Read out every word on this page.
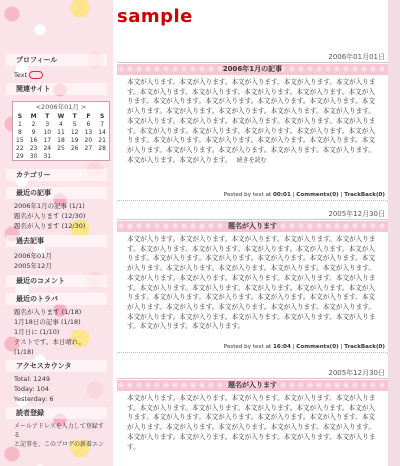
プロフィール
Text
関連サイト
<2006年01月 >
S	M	T	W	T	F	S
1	2	3	4	5	6	7
8	9	10	11	12	13	14
15	16	17	18	19	20	21
22	23	24	25	26	27	28
29	30	31				
カテゴリー
最近の記事
2006年1月の記事 (1/1)
題名が入ります (12/30)
題名が入ります (12/30)
過去記事
2006年01月
2005年12月
最近のコメント
最近のトラバ
題名が入ります (1/18)
1月18日の記事 (1/18)
1月日に (1/10)
テストです。本日晴れ。
(1/18)
アクセスカウンタ
Total: 1249
Today: 104
Yesterday: 6
読者登録
メールアドレスを入力して登録する
と記事を、このブログの新着エン
sample
2006年01月01日
2006年1月の記事
本文が入ります。本文が入ります。本文が入ります。本文が入ります。本文が入ります。本文が入ります。本文が入ります。本文が入ります。本文が入ります。本文が入ります。本文が入ります。本文が入ります。本文が入ります。本文が入ります。本文が入ります。本文が入ります。本文が入ります。本文が入ります。本文が入ります。本文が入ります。本文が入ります。本文が入ります。本文が入ります。本文が入ります。本文が入ります。本文が入ります。本文が入ります。本文が入ります。本文が入ります。本文が入ります。本文が入ります。本文が入ります。本文が入ります。本文が入ります。本文が入ります。本文が入ります。本文が入ります。本文が入ります。本文が入ります。本文が入ります。 続きを読む
Posted by text at 00:01 | Comments(0) | TrackBack(0)
2005年12月30日
題名が入ります
本文が入ります。本文が入ります。本文が入ります。本文が入ります。本文が入ります。本文が入ります。本文が入ります。本文が入ります。本文が入ります。本文が入ります。本文が入ります。本文が入ります。本文が入ります。本文が入ります。本文が入ります。本文が入ります。本文が入ります。本文が入ります。本文が入ります。本文が入ります。本文が入ります。本文が入ります。本文が入ります。本文が入ります。本文が入ります。本文が入ります。本文が入ります。本文が入ります。本文が入ります。本文が入ります。本文が入ります。本文が入ります。本文が入ります。本文が入ります。本文が入ります。本文が入ります。本文が入ります。本文が入ります。本文が入ります。本文が入ります。本文が入ります。本文が入ります。本文が入ります。本文が入ります。本文が入ります。
Posted by text at 16:04 | Comments(0) | TrackBack(0)
2005年12月30日
題名が入ります
本文が入ります。本文が入ります。本文が入ります。本文が入ります。本文が入ります。本文が入ります。本文が入ります。本文が入ります。本文が入ります。本文が入ります。本文が入ります。本文が入ります。本文が入ります。本文が入ります。本文が入ります。本文が入ります。本文が入ります。本文が入ります。本文が入ります。本文が入ります。本文が入ります。本文が入ります。本文が入ります。本文が入ります。
